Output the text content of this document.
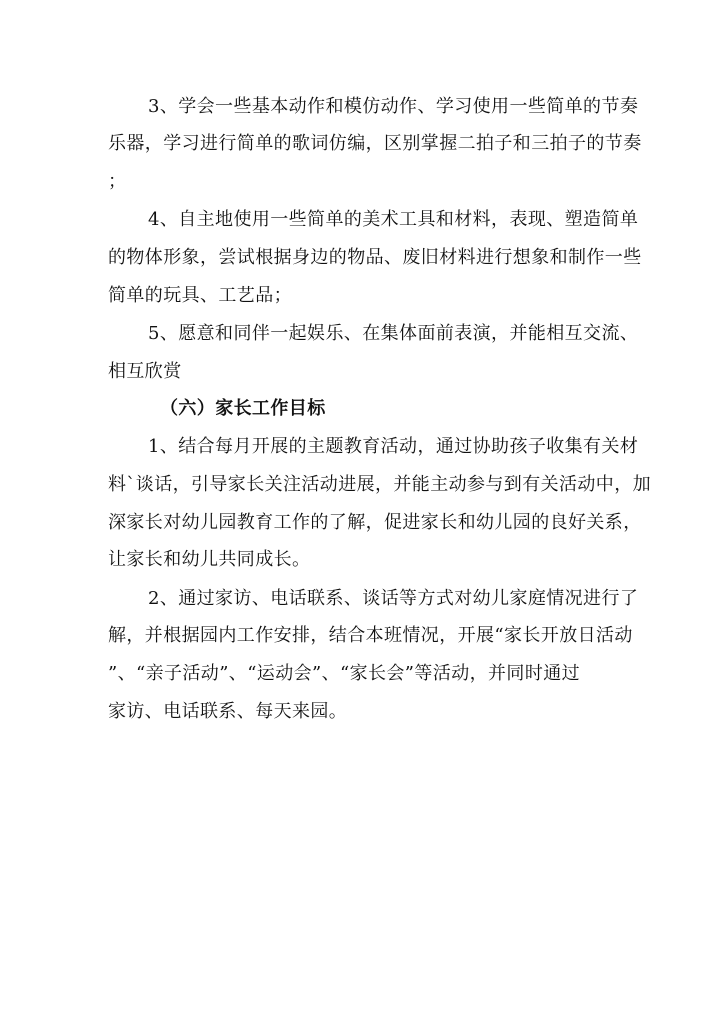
3、学会一些基本动作和模仿动作、学习使用一些简单的节奏
乐器，学习进行简单的歌词仿编，区别掌握二拍子和三拍子的节奏
；
4、自主地使用一些简单的美术工具和材料，表现、塑造简单
的物体形象，尝试根据身边的物品、废旧材料进行想象和制作一些
简单的玩具、工艺品；
5、愿意和同伴一起娱乐、在集体面前表演，并能相互交流、
相互欣赏
（六）家长工作目标
1、结合每月开展的主题教育活动，通过协助孩子收集有关材
料`谈话，引导家长关注活动进展，并能主动参与到有关活动中，加
深家长对幼儿园教育工作的了解，促进家长和幼儿园的良好关系，
让家长和幼儿共同成长。
2、通过家访、电话联系、谈话等方式对幼儿家庭情况进行了
解，并根据园内工作安排，结合本班情况，开展“家长开放日活动
”、“亲子活动”、“运动会”、“家长会”等活动，并同时通过
家访、电话联系、每天来园。
